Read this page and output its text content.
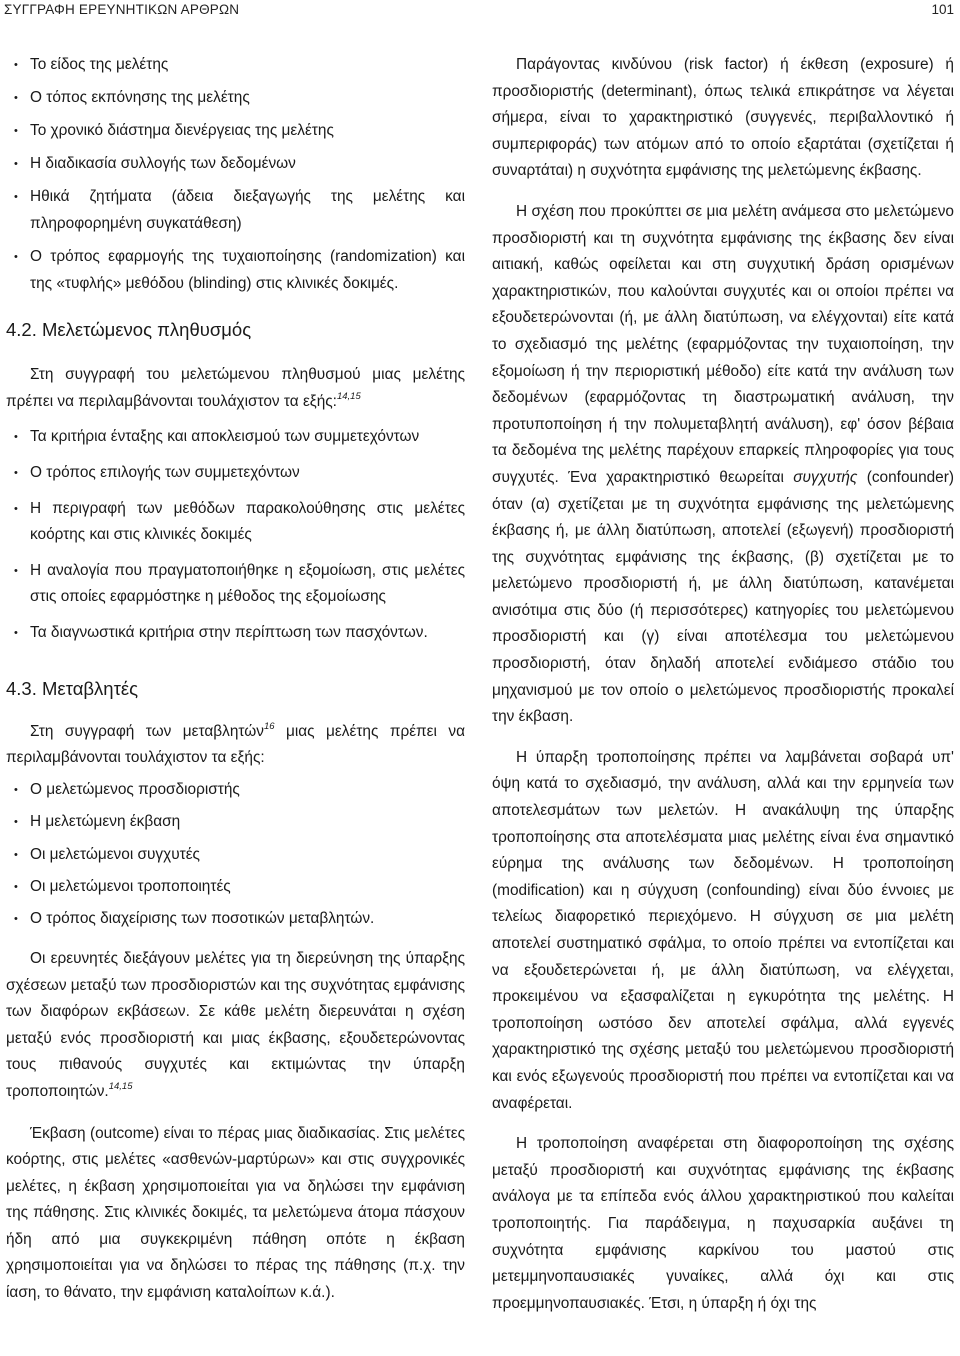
ΣΥΓΓΡΑΦΗ ΕΡΕΥΝΗΤΙΚΩΝ ΑΡΘΡΩΝ	101
• Το είδος της μελέτης
• Ο τόπος εκπόνησης της μελέτης
• Το χρονικό διάστημα διενέργειας της μελέτης
• Η διαδικασία συλλογής των δεδομένων
• Ηθικά ζητήματα (άδεια διεξαγωγής της μελέτης και πληροφορημένη συγκατάθεση)
• Ο τρόπος εφαρμογής της τυχαιοποίησης (randomization) και της «τυφλής» μεθόδου (blinding) στις κλινικές δοκιμές.
4.2. Μελετώμενος πληθυσμός

Στη συγγραφή του μελετώμενου πληθυσμού μιας μελέτης πρέπει να περιλαμβάνονται τουλάχιστον τα εξής:$^{14,15}$

• Τα κριτήρια ένταξης και αποκλεισμού των συμμετεχόντων
• Ο τρόπος επιλογής των συμμετεχόντων
• Η περιγραφή των μεθόδων παρακολούθησης στις μελέτες κοόρτης και στις κλινικές δοκιμές
• Η αναλογία που πραγματοποιήθηκε η εξομοίωση, στις μελέτες στις οποίες εφαρμόστηκε η μέθοδος της εξομοίωσης
• Τα διαγνωστικά κριτήρια στην περίπτωση των πασχόντων.
4.3. Μεταβλητές

Στη συγγραφή των μεταβλητών$^{16}$ μιας μελέτης πρέπει να περιλαμβάνονται τουλάχιστον τα εξής:

• Ο μελετώμενος προσδιοριστής
• Η μελετώμενη έκβαση
• Οι μελετώμενοι συγχυτές
• Οι μελετώμενοι τροποποιητές
• Ο τρόπος διαχείρισης των ποσοτικών μεταβλητών.

Οι ερευνητές διεξάγουν μελέτες για τη διερεύνηση της ύπαρξης σχέσεων μεταξύ των προσδιοριστών και της συχνότητας εμφάνισης των διαφόρων εκβάσεων. Σε κάθε μελέτη διερευνάται η σχέση μεταξύ ενός προσδιοριστή και μιας έκβασης, εξουδετερώνοντας τους πιθανούς συγχυτές και εκτιμώντας την ύπαρξη τροποποιητών.$^{14,15}$

Έκβαση (outcome) είναι το πέρας μιας διαδικασίας. Στις μελέτες κοόρτης, στις μελέτες «ασθενών-μαρτύρων» και στις συγχρονικές μελέτες, η έκβαση χρησιμοποιείται για να δηλώσει την εμφάνιση της πάθησης. Στις κλινικές δοκιμές, τα μελετώμενα άτομα πάσχουν ήδη από μια συγκεκριμένη πάθηση οπότε η έκβαση χρησιμοποιείται για να δηλώσει το πέρας της πάθησης (π.χ. την ίαση, το θάνατο, την εμφάνιση καταλοίπων κ.ά.).

Παράγοντας κινδύνου (risk factor) ή έκθεση (exposure) ή προσδιοριστής (determinant), όπως τελικά επικράτησε να λέγεται σήμερα, είναι το χαρακτηριστικό (συγγενές, περιβαλλοντικό ή συμπεριφοράς) των ατόμων από το οποίο εξαρτάται (σχετίζεται ή συναρτάται) η συχνότητα εμφάνισης της μελετώμενης έκβασης.

Η σχέση που προκύπτει σε μια μελέτη ανάμεσα στο μελετώμενο προσδιοριστή και τη συχνότητα εμφάνισης της έκβασης δεν είναι αιτιακή, καθώς οφείλεται και στη συγχυτική δράση ορισμένων χαρακτηριστικών, που καλούνται συγχυτές και οι οποίοι πρέπει να εξουδετερώνονται (ή, με άλλη διατύπωση, να ελέγχονται) είτε κατά το σχεδιασμό της μελέτης (εφαρμόζοντας την τυχαιοποίηση, την εξομοίωση ή την περιοριστική μέθοδο) είτε κατά την ανάλυση των δεδομένων (εφαρμόζοντας τη διαστρωματική ανάλυση, την προτυποποίηση ή την πολυμεταβλητή ανάλυση), εφ' όσον βέβαια τα δεδομένα της μελέτης παρέχουν επαρκείς πληροφορίες για τους συγχυτές. Ένα χαρακτηριστικό θεωρείται συγχυτής (confounder) όταν (α) σχετίζεται με τη συχνότητα εμφάνισης της μελετώμενης έκβασης ή, με άλλη διατύπωση, αποτελεί (εξωγενή) προσδιοριστή της συχνότητας εμφάνισης της έκβασης, (β) σχετίζεται με το μελετώμενο προσδιοριστή ή, με άλλη διατύπωση, κατανέμεται ανισότιμα στις δύο (ή περισσότερες) κατηγορίες του μελετώμενου προσδιοριστή και (γ) είναι αποτέλεσμα του μελετώμενου προσδιοριστή, όταν δηλαδή αποτελεί ενδιάμεσο στάδιο του μηχανισμού με τον οποίο ο μελετώμενος προσδιοριστής προκαλεί την έκβαση.

Η ύπαρξη τροποποίησης πρέπει να λαμβάνεται σοβαρά υπ' όψη κατά το σχεδιασμό, την ανάλυση, αλλά και την ερμηνεία των αποτελεσμάτων των μελετών. Η ανακάλυψη της ύπαρξης τροποποίησης στα αποτελέσματα μιας μελέτης είναι ένα σημαντικό εύρημα της ανάλυσης των δεδομένων. Η τροποποίηση (modification) και η σύγχυση (confounding) είναι δύο έννοιες με τελείως διαφορετικό περιεχόμενο. Η σύγχυση σε μια μελέτη αποτελεί συστηματικό σφάλμα, το οποίο πρέπει να εντοπίζεται και να εξουδετερώνεται ή, με άλλη διατύπωση, να ελέγχεται, προκειμένου να εξασφαλίζεται η εγκυρότητα της μελέτης. Η τροποποίηση ωστόσο δεν αποτελεί σφάλμα, αλλά εγγενές χαρακτηριστικό της σχέσης μεταξύ του μελετώμενου προσδιοριστή και ενός εξωγενούς προσδιοριστή που πρέπει να εντοπίζεται και να αναφέρεται.

Η τροποποίηση αναφέρεται στη διαφοροποίηση της σχέσης μεταξύ προσδιοριστή και συχνότητας εμφάνισης της έκβασης ανάλογα με τα επίπεδα ενός άλλου χαρακτηριστικού που καλείται τροποποιητής. Για παράδειγμα, η παχυσαρκία αυξάνει τη συχνότητα εμφάνισης καρκίνου του μαστού στις μετεμμηνοπαυσιακές γυναίκες, αλλά όχι και στις προεμμηνοπαυσιακές. Έτσι, η ύπαρξη ή όχι της
